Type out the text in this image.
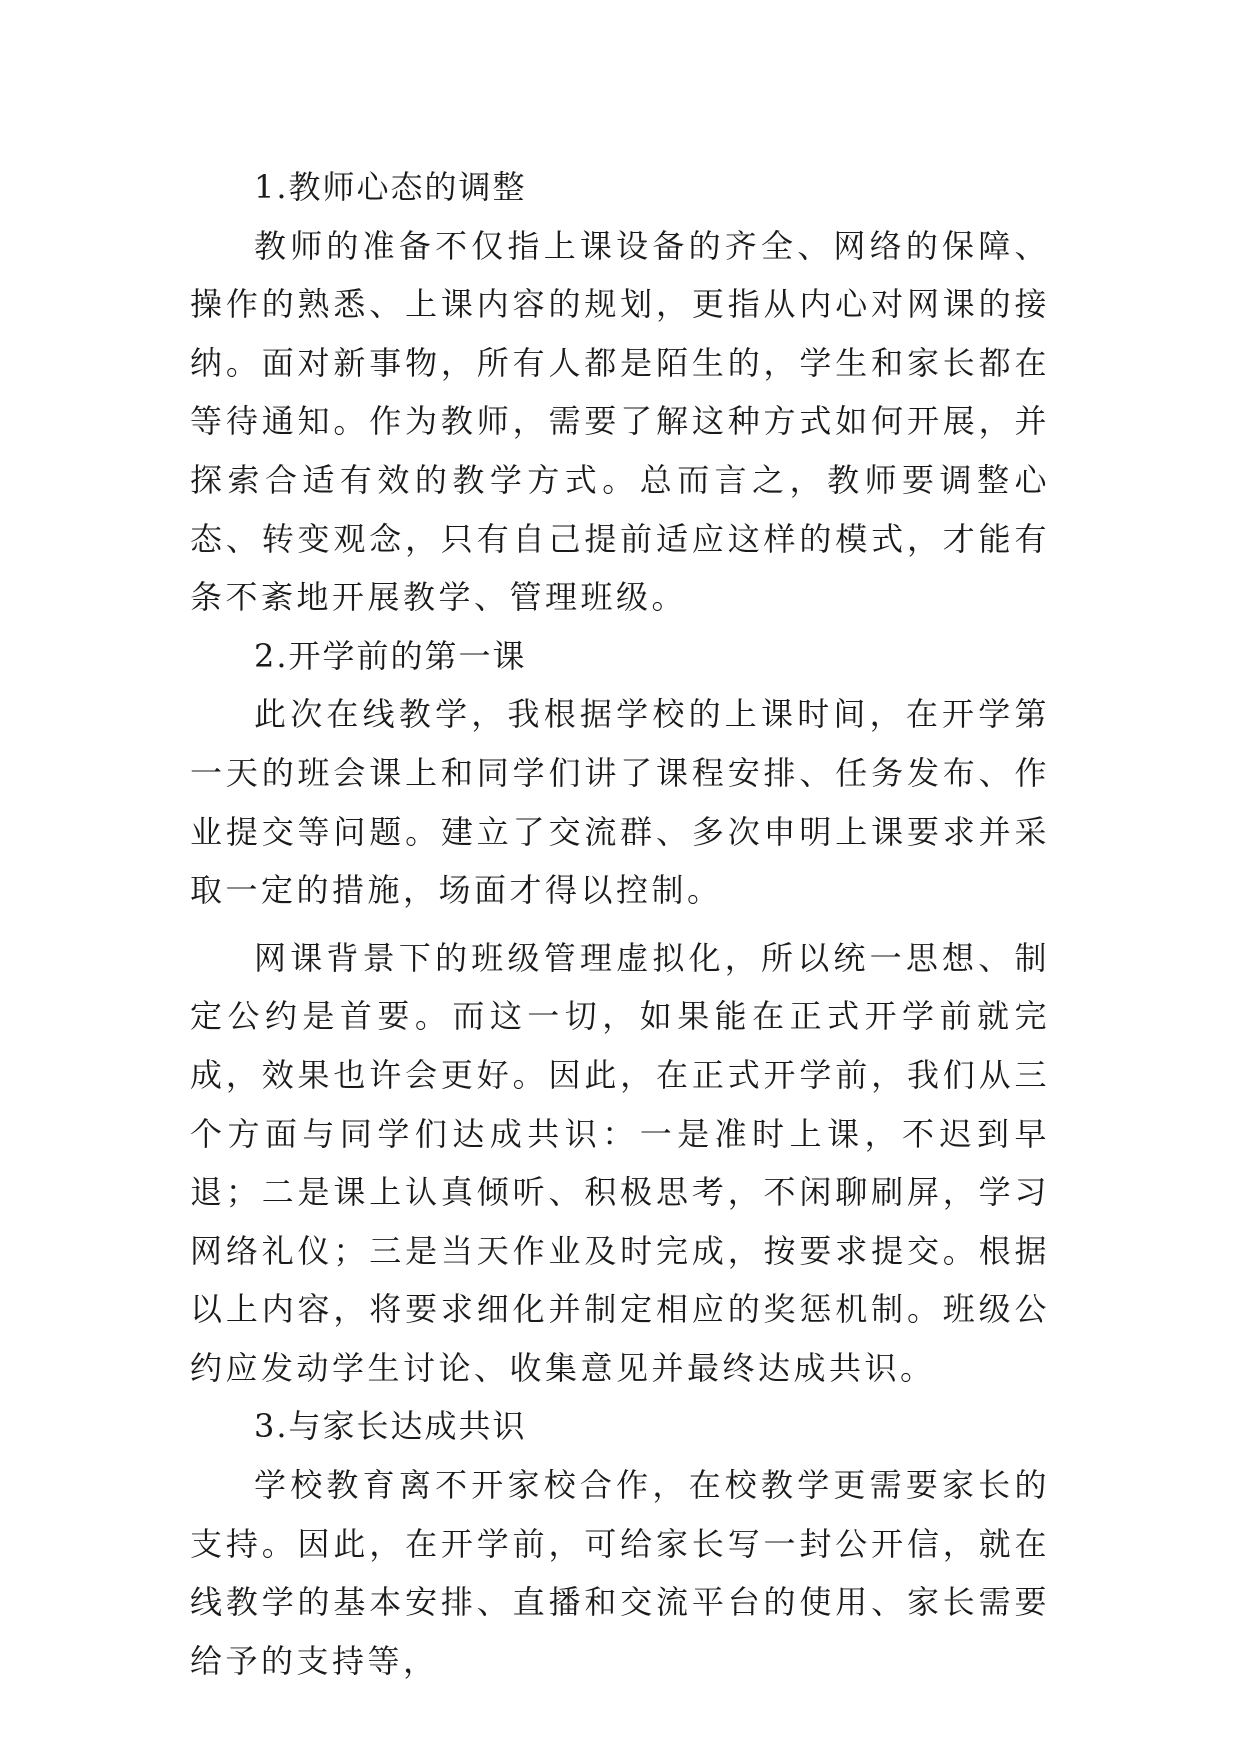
1.教师心态的调整

教师的准备不仅指上课设备的齐全、网络的保障、操作的熟悉、上课内容的规划，更指从内心对网课的接纳。面对新事物，所有人都是陌生的，学生和家长都在等待通知。作为教师，需要了解这种方式如何开展，并探索合适有效的教学方式。总而言之，教师要调整心态、转变观念，只有自己提前适应这样的模式，才能有条不紊地开展教学、管理班级。

2.开学前的第一课

此次在线教学，我根据学校的上课时间，在开学第一天的班会课上和同学们讲了课程安排、任务发布、作业提交等问题。建立了交流群、多次申明上课要求并采取一定的措施，场面才得以控制。

网课背景下的班级管理虚拟化，所以统一思想、制定公约是首要。而这一切，如果能在正式开学前就完成，效果也许会更好。因此，在正式开学前，我们从三个方面与同学们达成共识：一是准时上课，不迟到早退；二是课上认真倾听、积极思考，不闲聊刷屏，学习网络礼仪；三是当天作业及时完成，按要求提交。根据以上内容，将要求细化并制定相应的奖惩机制。班级公约应发动学生讨论、收集意见并最终达成共识。

3.与家长达成共识

学校教育离不开家校合作，在校教学更需要家长的支持。因此，在开学前，可给家长写一封公开信，就在线教学的基本安排、直播和交流平台的使用、家长需要给予的支持等，
